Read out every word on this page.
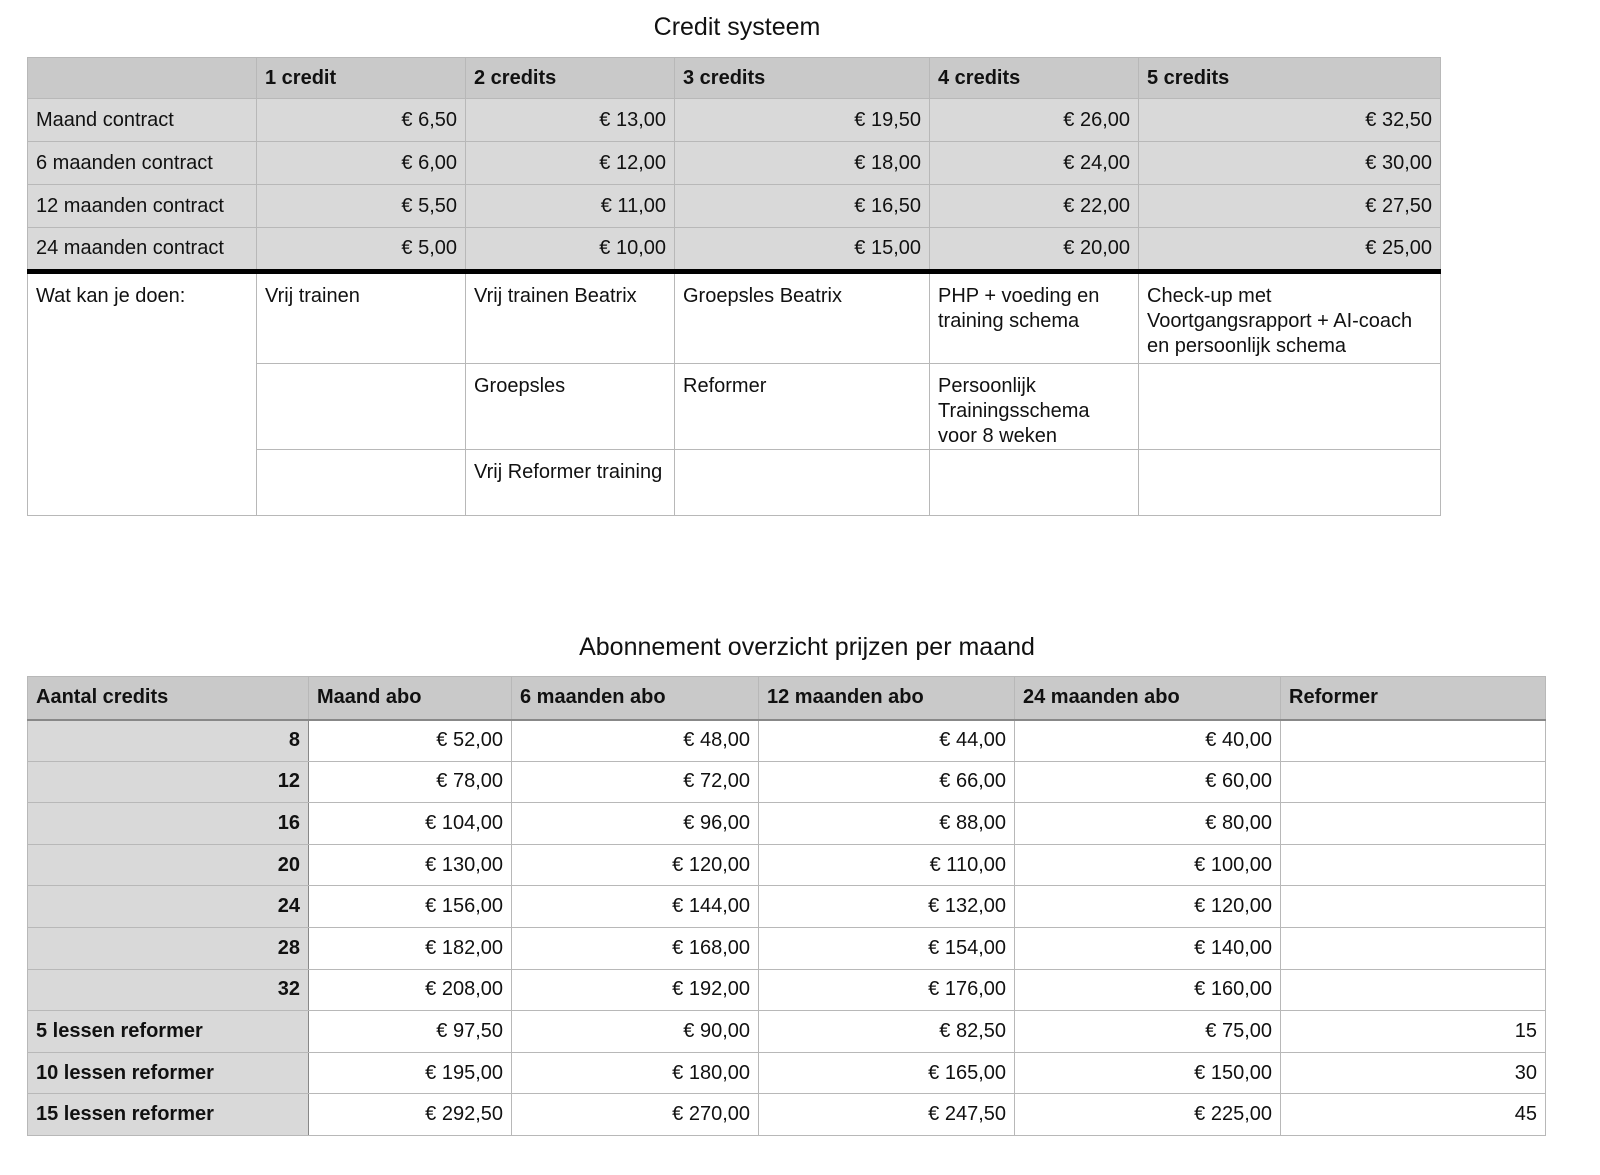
Credit systeem
	1 credit	2 credits	3 credits	4 credits	5 credits
Maand contract	€ 6,50	€ 13,00	€ 19,50	€ 26,00	€ 32,50
6 maanden contract	€ 6,00	€ 12,00	€ 18,00	€ 24,00	€ 30,00
12 maanden contract	€ 5,50	€ 11,00	€ 16,50	€ 22,00	€ 27,50
24 maanden contract	€ 5,00	€ 10,00	€ 15,00	€ 20,00	€ 25,00
Wat kan je doen:	Vrij trainen	Vrij trainen Beatrix	Groepsles Beatrix	PHP + voeding en training schema	Check-up met Voortgangsrapport + AI-coach en persoonlijk schema
		Groepsles	Reformer	Persoonlijk Trainingsschema voor 8 weken	
		Vrij Reformer training			
Abonnement overzicht prijzen per maand
Aantal credits	Maand abo	6 maanden abo	12 maanden abo	24 maanden abo	Reformer
8	€ 52,00	€ 48,00	€ 44,00	€ 40,00	
12	€ 78,00	€ 72,00	€ 66,00	€ 60,00	
16	€ 104,00	€ 96,00	€ 88,00	€ 80,00	
20	€ 130,00	€ 120,00	€ 110,00	€ 100,00	
24	€ 156,00	€ 144,00	€ 132,00	€ 120,00	
28	€ 182,00	€ 168,00	€ 154,00	€ 140,00	
32	€ 208,00	€ 192,00	€ 176,00	€ 160,00	
5 lessen reformer	€ 97,50	€ 90,00	€ 82,50	€ 75,00	15
10 lessen reformer	€ 195,00	€ 180,00	€ 165,00	€ 150,00	30
15 lessen reformer	€ 292,50	€ 270,00	€ 247,50	€ 225,00	45
